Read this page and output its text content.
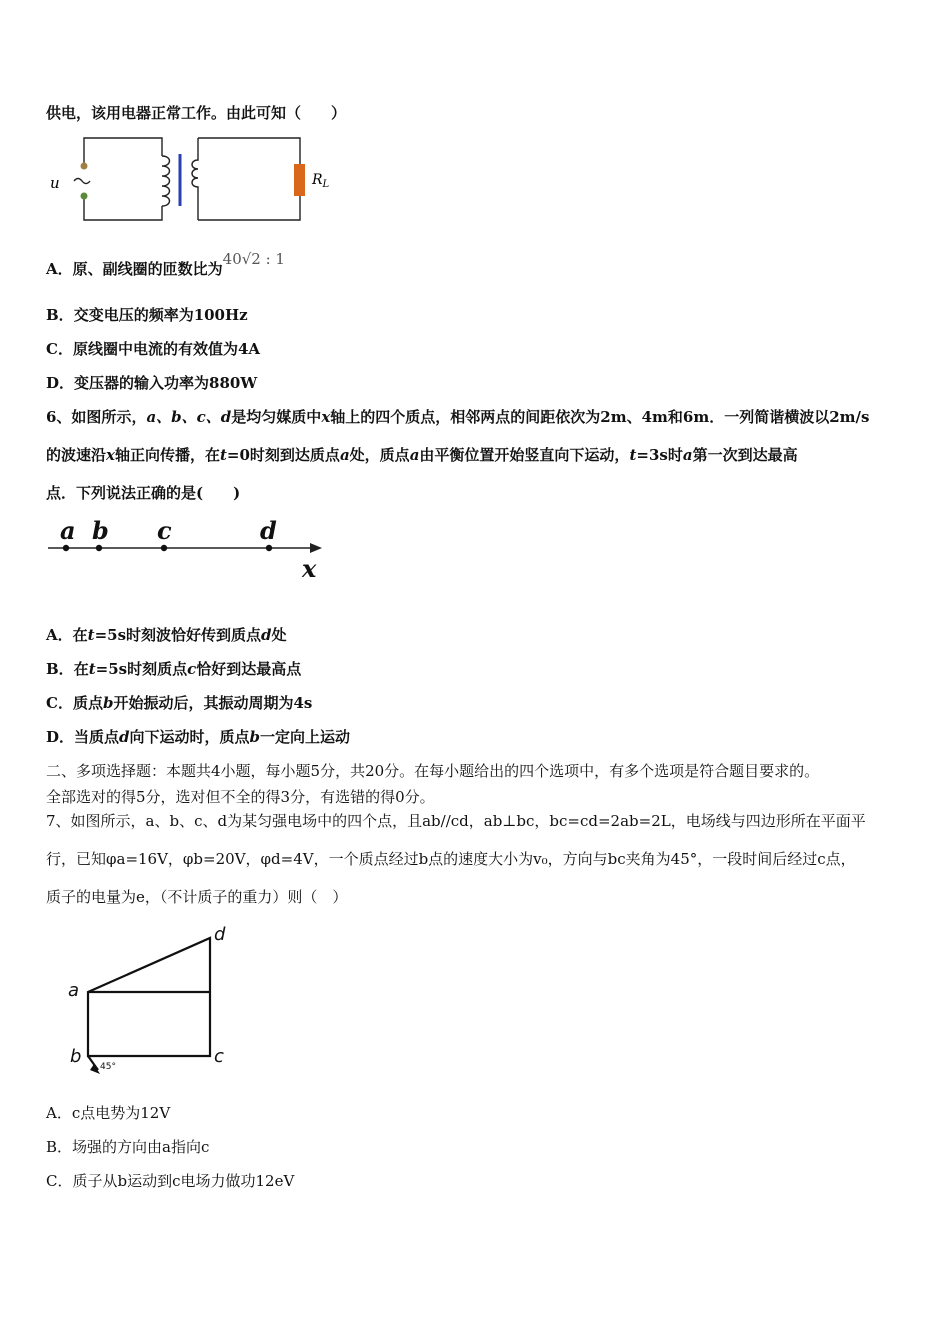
供电，该用电器正常工作。由此可知（　　）
u	$R_L$
A．原、副线圈的匝数比为40√2 : 1
B．交变电压的频率为100Hz
C．原线圈中电流的有效值为4A
D．变压器的输入功率为880W
6、如图所示，a、b、c、d是均匀媒质中x轴上的四个质点，相邻两点的间距依次为2m、4m和6m．一列简谐横波以2m/s
的波速沿x轴正向传播，在t=0时刻到达质点a处，质点a由平衡位置开始竖直向下运动，t=3s时a第一次到达最高
点．下列说法正确的是(　　)
a b c	d
x
A．在t=5s时刻波恰好传到质点d处
B．在t=5s时刻质点c恰好到达最高点
C．质点b开始振动后，其振动周期为4s
D．当质点d向下运动时，质点b一定向上运动
二、多项选择题：本题共4小题，每小题5分，共20分。在每小题给出的四个选项中，有多个选项是符合题目要求的。
全部选对的得5分，选对但不全的得3分，有选错的得0分。
7、如图所示，a、b、c、d为某匀强电场中的四个点，且ab//cd，ab⊥bc，bc=cd=2ab=2L，电场线与四边形所在平面平
行，已知φa=16V，φb=20V，φd=4V，一个质点经过b点的速度大小为v₀，方向与bc夹角为45°，一段时间后经过c点，
质子的电量为e，（不计质子的重力）则（　）
a
b	c
d
45°
A．c点电势为12V
B．场强的方向由a指向c
C．质子从b运动到c电场力做功12eV
